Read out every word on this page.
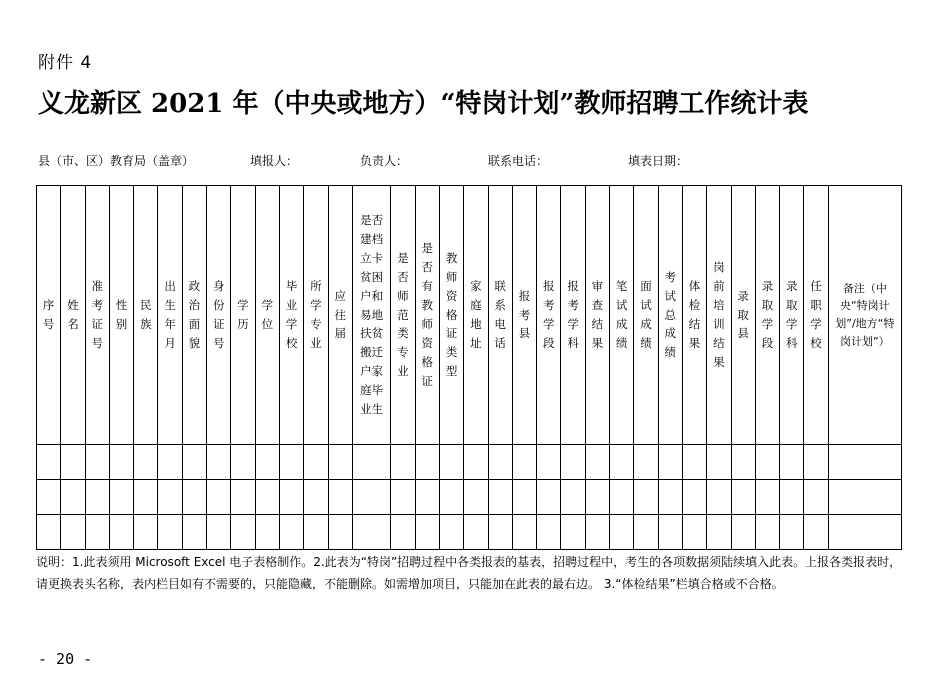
附件 4
义龙新区 2021 年（中央或地方）“特岗计划”教师招聘工作统计表
县（市、区）教育局（盖章）	填报人：	负责人：	联系电话：	填表日期：
序号	姓名	准考证号	性别	民族	出生年月	政治面貌	身份证号	学历	学位	毕业学校	所学专业	应往届	是否建档立卡贫困户和易地扶贫搬迁户家庭毕业生	是否师范类专业	是否有教师资格证	教师资格证类型	家庭地址	联系电话	报考县	报考学段	报考学科	审查结果	笔试成绩	面试成绩	考试总成绩	体检结果	岗前培训结果	录取县	录取学段	录取学科	任职学校	备注（中央“特岗计划”/地方“特岗计划”）

说明：1.此表须用 Microsoft Excel 电子表格制作。2.此表为“特岗”招聘过程中各类报表的基表，招聘过程中，考生的各项数据须陆续填入此表。上报各类报表时，请更换表头名称，表内栏目如有不需要的，只能隐藏，不能删除。如需增加项目，只能加在此表的最右边。 3.“体检结果”栏填合格或不合格。
- 20 -
